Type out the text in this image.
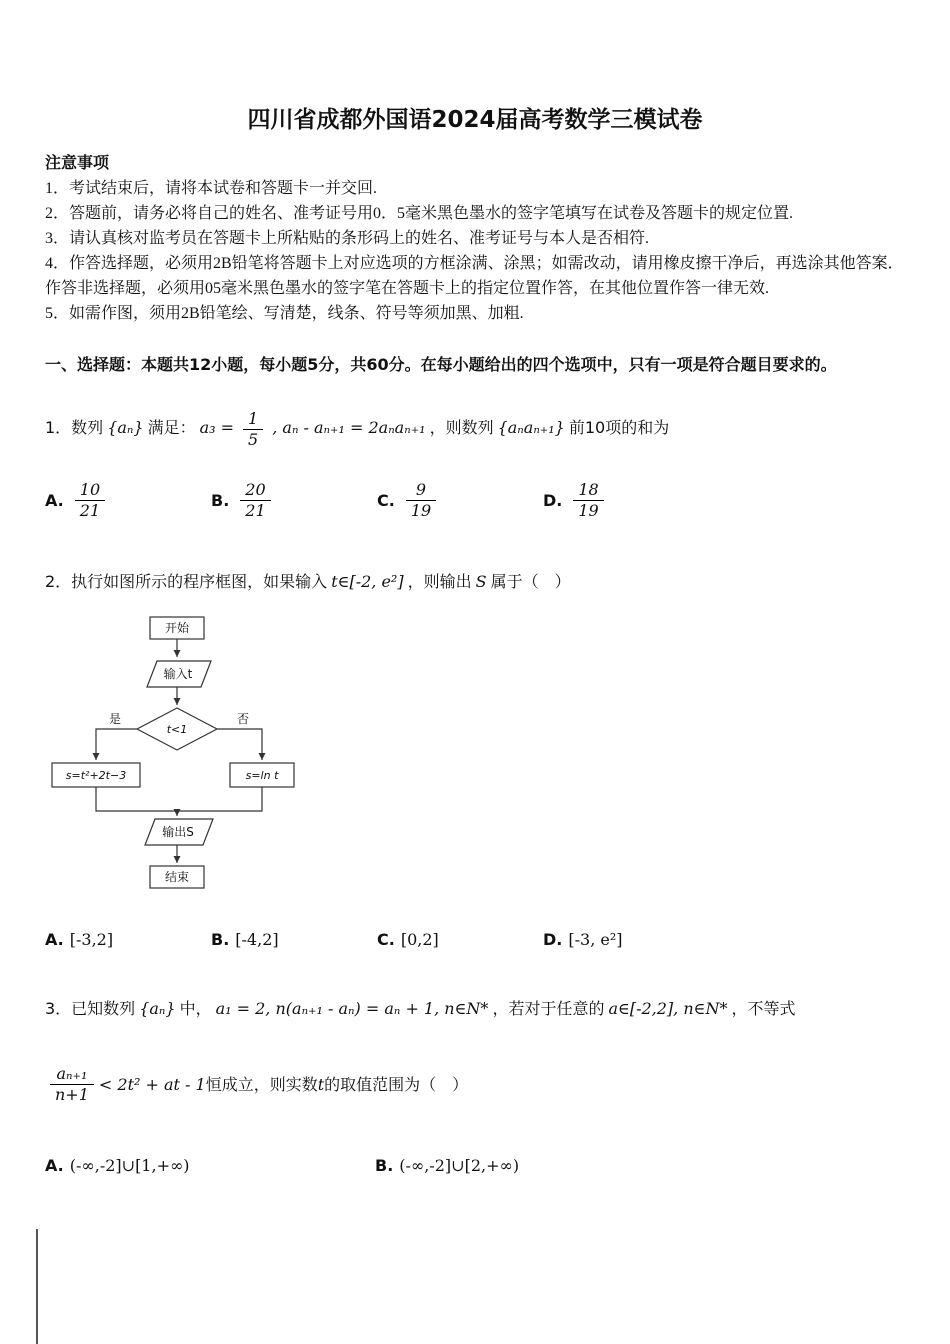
四川省成都外国语2024届高考数学三模试卷
注意事项
1．考试结束后，请将本试卷和答题卡一并交回.
2．答题前，请务必将自己的姓名、准考证号用0．5毫米黑色墨水的签字笔填写在试卷及答题卡的规定位置.
3．请认真核对监考员在答题卡上所粘贴的条形码上的姓名、准考证号与本人是否相符.
4．作答选择题，必须用2B铅笔将答题卡上对应选项的方框涂满、涂黑；如需改动，请用橡皮擦干净后，再选涂其他答案．作答非选择题，必须用05毫米黑色墨水的签字笔在答题卡上的指定位置作答，在其他位置作答一律无效.
5．如需作图，须用2B铅笔绘、写清楚，线条、符号等须加黑、加粗.
一、选择题：本题共12小题，每小题5分，共60分。在每小题给出的四个选项中，只有一项是符合题目要求的。
1．数列 {aₙ} 满足： $a_3 = \frac{1}{5}$ , aₙ - aₙ₊₁ = 2aₙaₙ₊₁ ，则数列 {aₙaₙ₊₁} 前10项的和为
A. $\frac{10}{21}$	B. $\frac{20}{21}$	C. $\frac{9}{19}$	D. $\frac{18}{19}$
2．执行如图所示的程序框图，如果输入 t∈[-2, e²] ，则输出 S 属于（　）
开始
输入t
t<1
是	否
s=t²+2t−3	s=ln t
输出S
结束
A. [-3,2]	B. [-4,2]	C. [0,2]	D. [-3, e²]
3．已知数列 {aₙ} 中， a₁ = 2, n(aₙ₊₁ - aₙ) = aₙ + 1, n∈N* ，若对于任意的 a∈[-2,2], n∈N* ，不等式
$\frac{\text{aₙ₊₁}}{n+1} < 2t^2$ + at - 1 恒成立，则实数 t 的取值范围为（　）
A. (-∞,-2]∪[1,+∞)	B. (-∞,-2]∪[2,+∞)
